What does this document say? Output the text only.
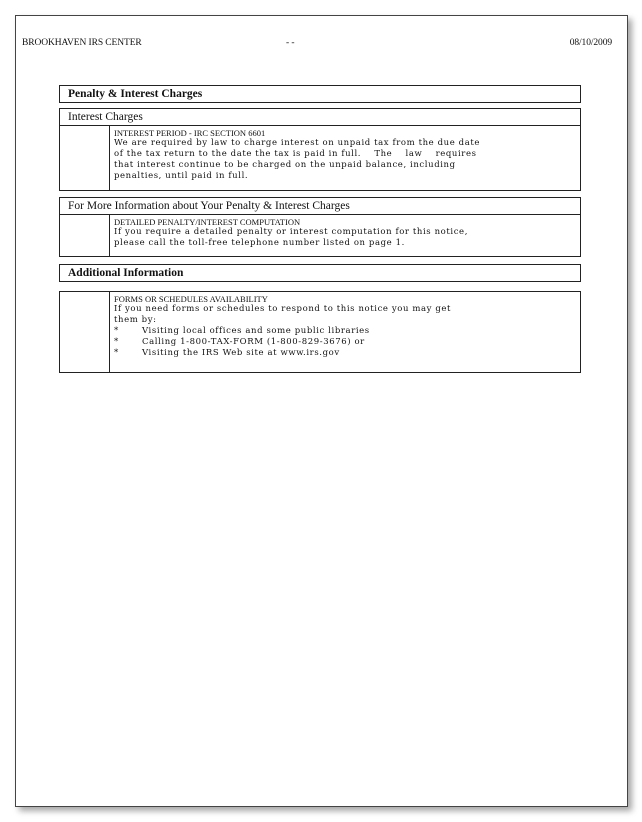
BROOKHAVEN IRS CENTER	- -	08/10/2009
Penalty & Interest Charges
Interest Charges
INTEREST PERIOD - IRC SECTION 6601
We are required by law to charge interest on unpaid tax from the due date
of the tax return to the date the tax is paid in full.    The    law    requires
that interest continue to be charged on the unpaid balance, including
penalties, until paid in full.
For More Information about Your Penalty & Interest Charges
DETAILED PENALTY/INTEREST COMPUTATION
If you require a detailed penalty or interest computation for this notice,
please call the toll-free telephone number listed on page 1.
Additional Information
FORMS OR SCHEDULES AVAILABILITY
If you need forms or schedules to respond to this notice you may get
them by:
*       Visiting local offices and some public libraries
*       Calling 1-800-TAX-FORM (1-800-829-3676) or
*       Visiting the IRS Web site at www.irs.gov
